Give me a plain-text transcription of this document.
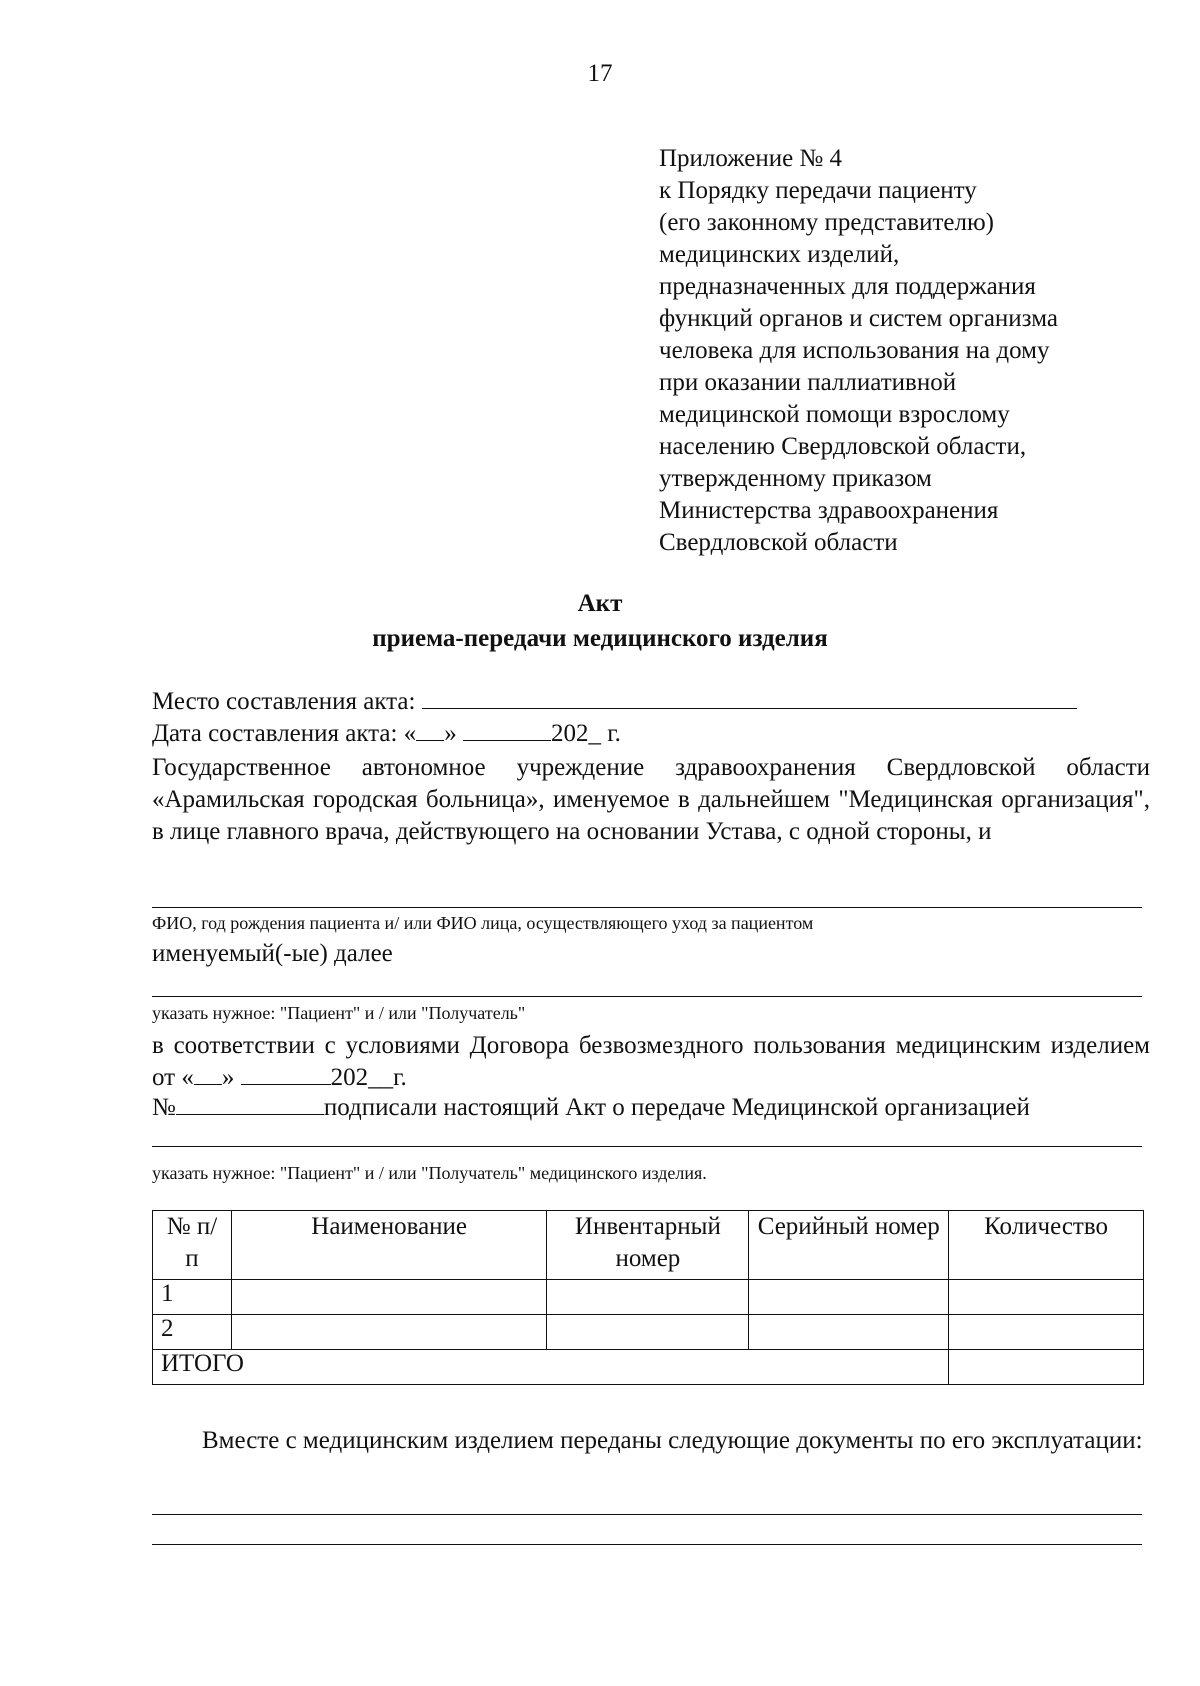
17
Приложение № 4
к Порядку передачи пациенту
(его законному представителю)
медицинских изделий,
предназначенных для поддержания
функций органов и систем организма
человека для использования на дому
при оказании паллиативной
медицинской помощи взрослому
населению Свердловской области,
утвержденному приказом
Министерства здравоохранения
Свердловской области
Акт
приема-передачи медицинского изделия
Место составления акта:
Дата составления акта: « »	202_ г.
Государственное автономное учреждение здравоохранения Свердловской области «Арамильская городская больница», именуемое в дальнейшем "Медицинская организация", в лице главного врача, действующего на основании Устава, с одной стороны, и
ФИО, год рождения пациента и/ или ФИО лица, осуществляющего уход за пациентом
именуемый(-ые) далее
указать нужное: "Пациент" и / или "Получатель"
в соответствии с условиями Договора безвозмездного пользования медицинским изделием от « »	202__г.
№	подписали настоящий Акт о передаче Медицинской организацией
указать нужное: "Пациент" и / или "Получатель" медицинского изделия.
№ п/п	Наименование	Инвентарный номер	Серийный номер	Количество
1				
2				
ИТОГО				
Вместе с медицинским изделием переданы следующие документы по его эксплуатации:
